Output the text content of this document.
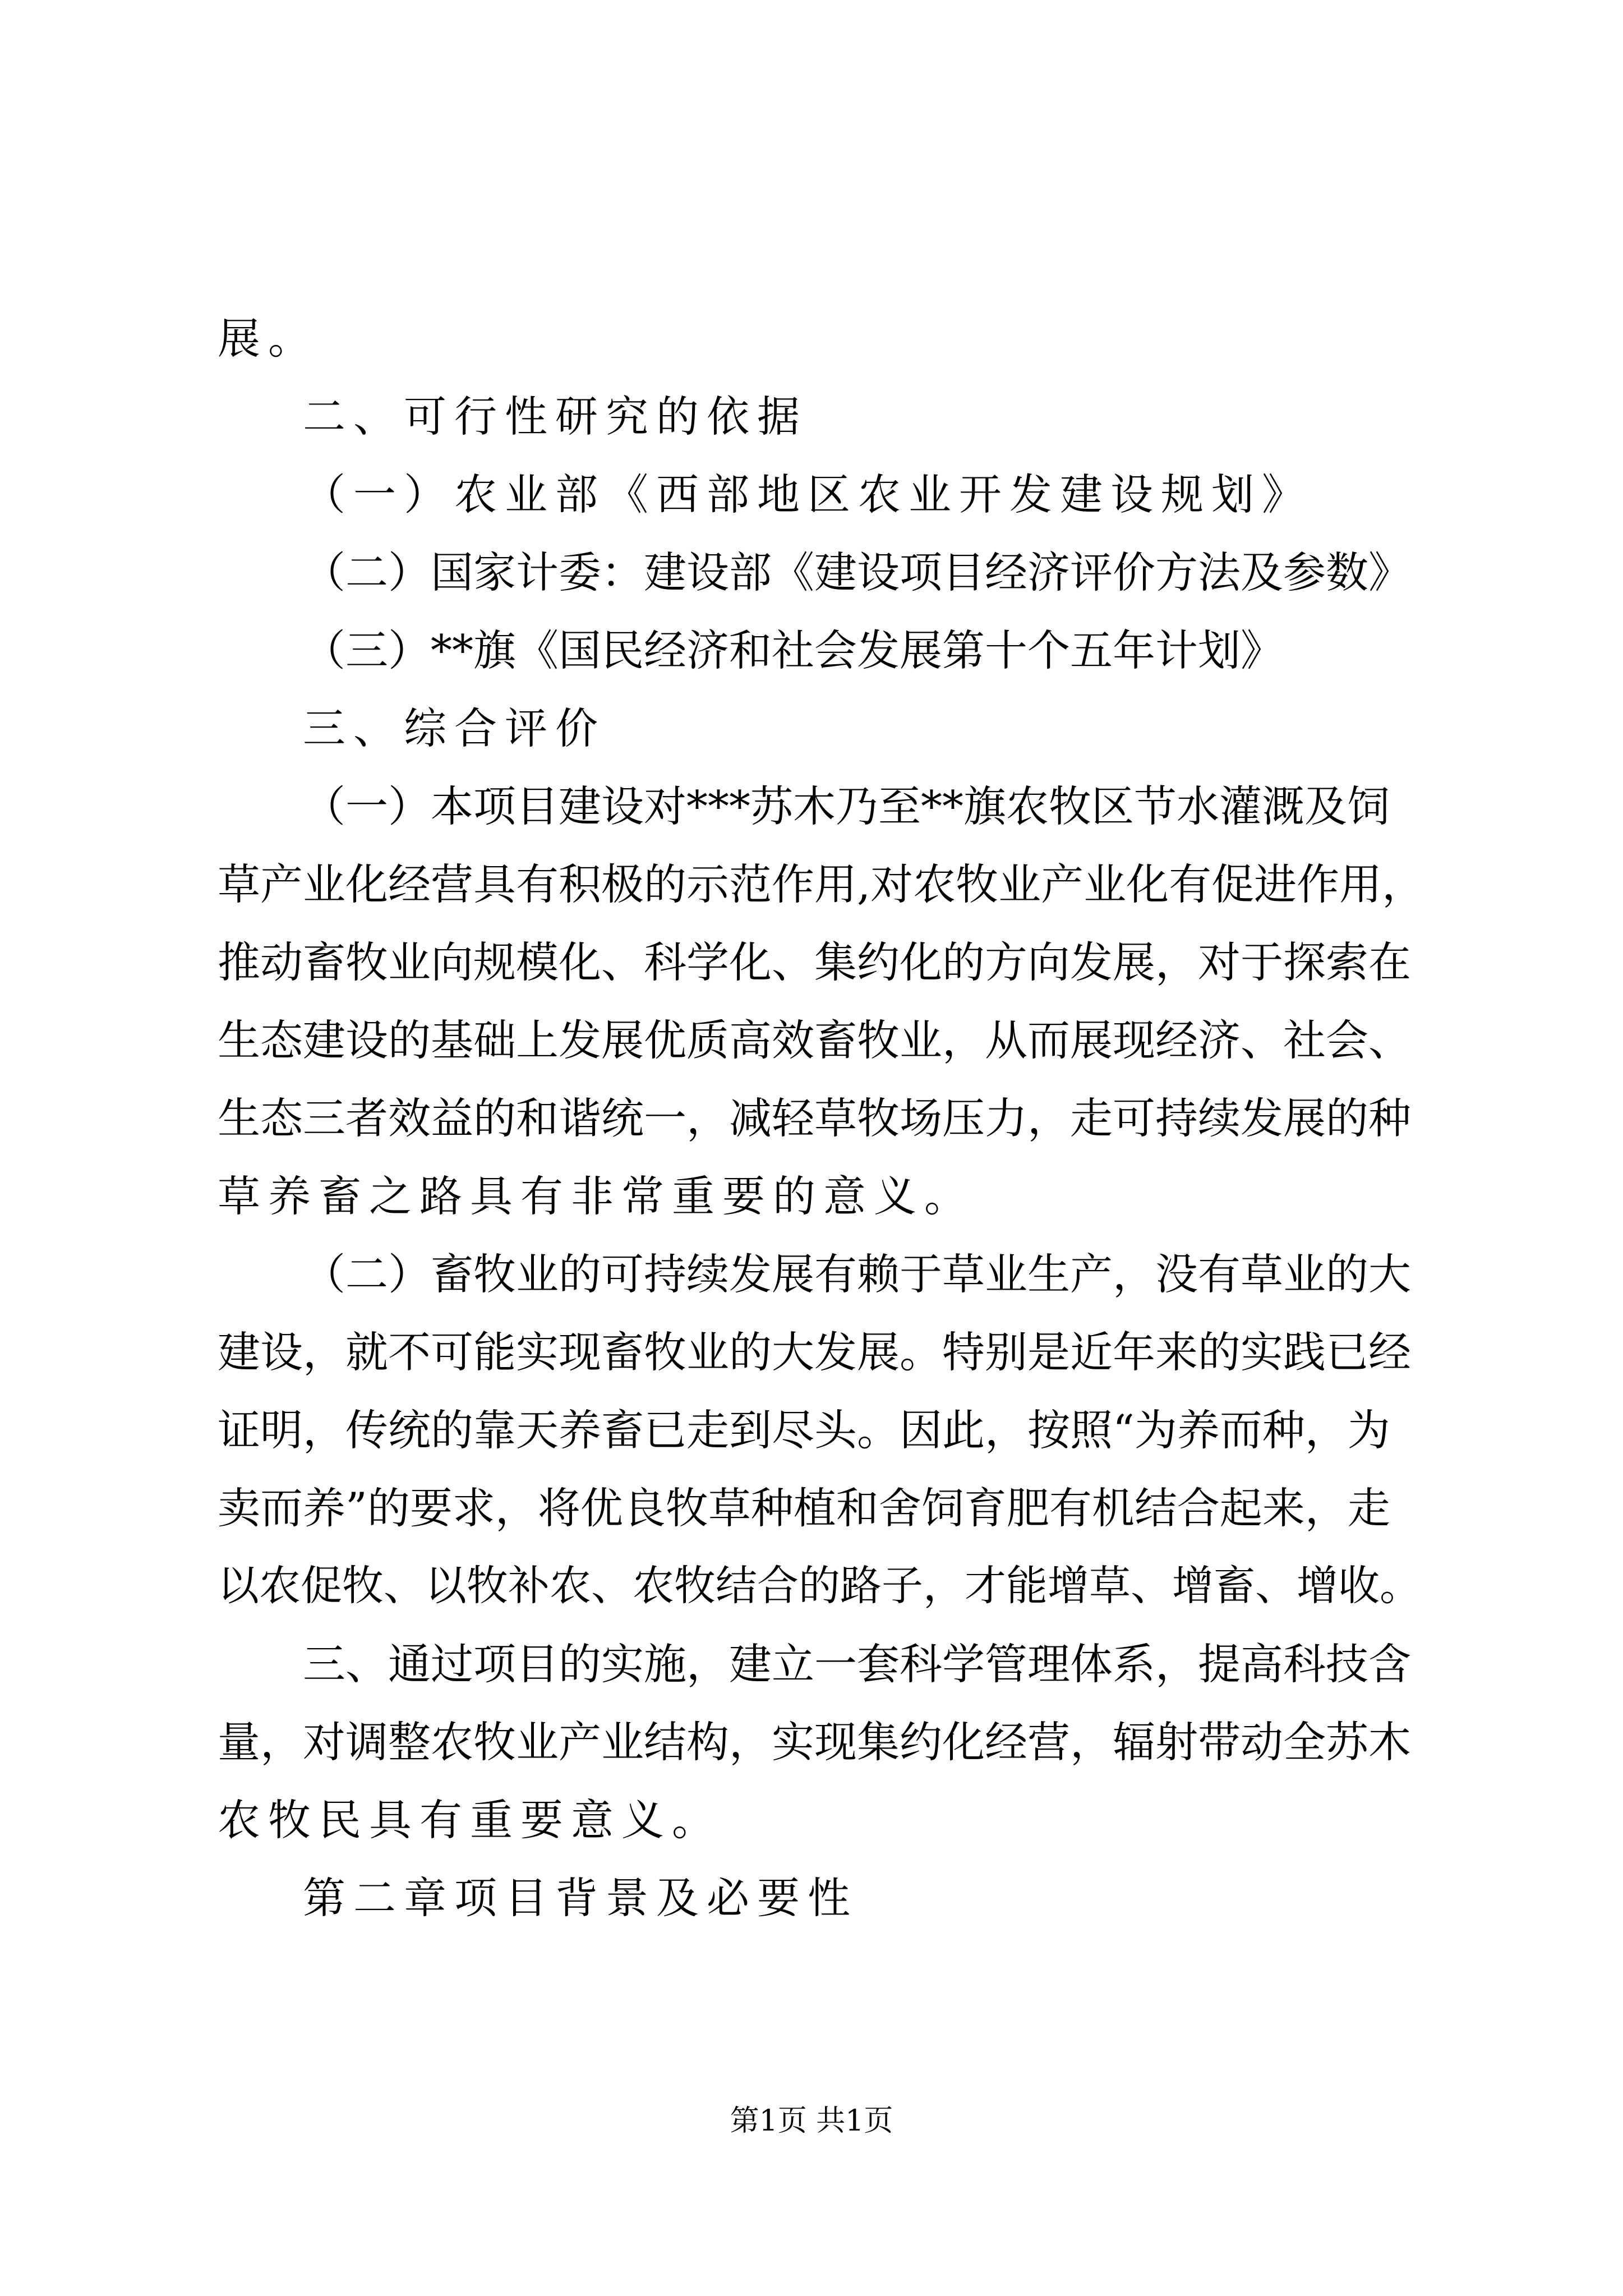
展。

二、可行性研究的依据

（一）农业部《西部地区农业开发建设规划》

（二）国家计委：建设部《建设项目经济评价方法及参数》

（三）**旗《国民经济和社会发展第十个五年计划》

三、综合评价

（一）本项目建设对***苏木乃至**旗农牧区节水灌溉及饲

草产业化经营具有积极的示范作用,对农牧业产业化有促进作用，

推动畜牧业向规模化、科学化、集约化的方向发展，对于探索在

生态建设的基础上发展优质高效畜牧业，从而展现经济、社会、

生态三者效益的和谐统一，减轻草牧场压力，走可持续发展的种

草养畜之路具有非常重要的意义。

（二）畜牧业的可持续发展有赖于草业生产，没有草业的大

建设，就不可能实现畜牧业的大发展。特别是近年来的实践已经

证明，传统的靠天养畜已走到尽头。因此，按照“为养而种，为

卖而养”的要求，将优良牧草种植和舍饲育肥有机结合起来，走

以农促牧、以牧补农、农牧结合的路子，才能增草、增畜、增收。

三、通过项目的实施，建立一套科学管理体系，提高科技含

量，对调整农牧业产业结构，实现集约化经营，辐射带动全苏木

农牧民具有重要意义。

第二章项目背景及必要性

第1页 共1页
